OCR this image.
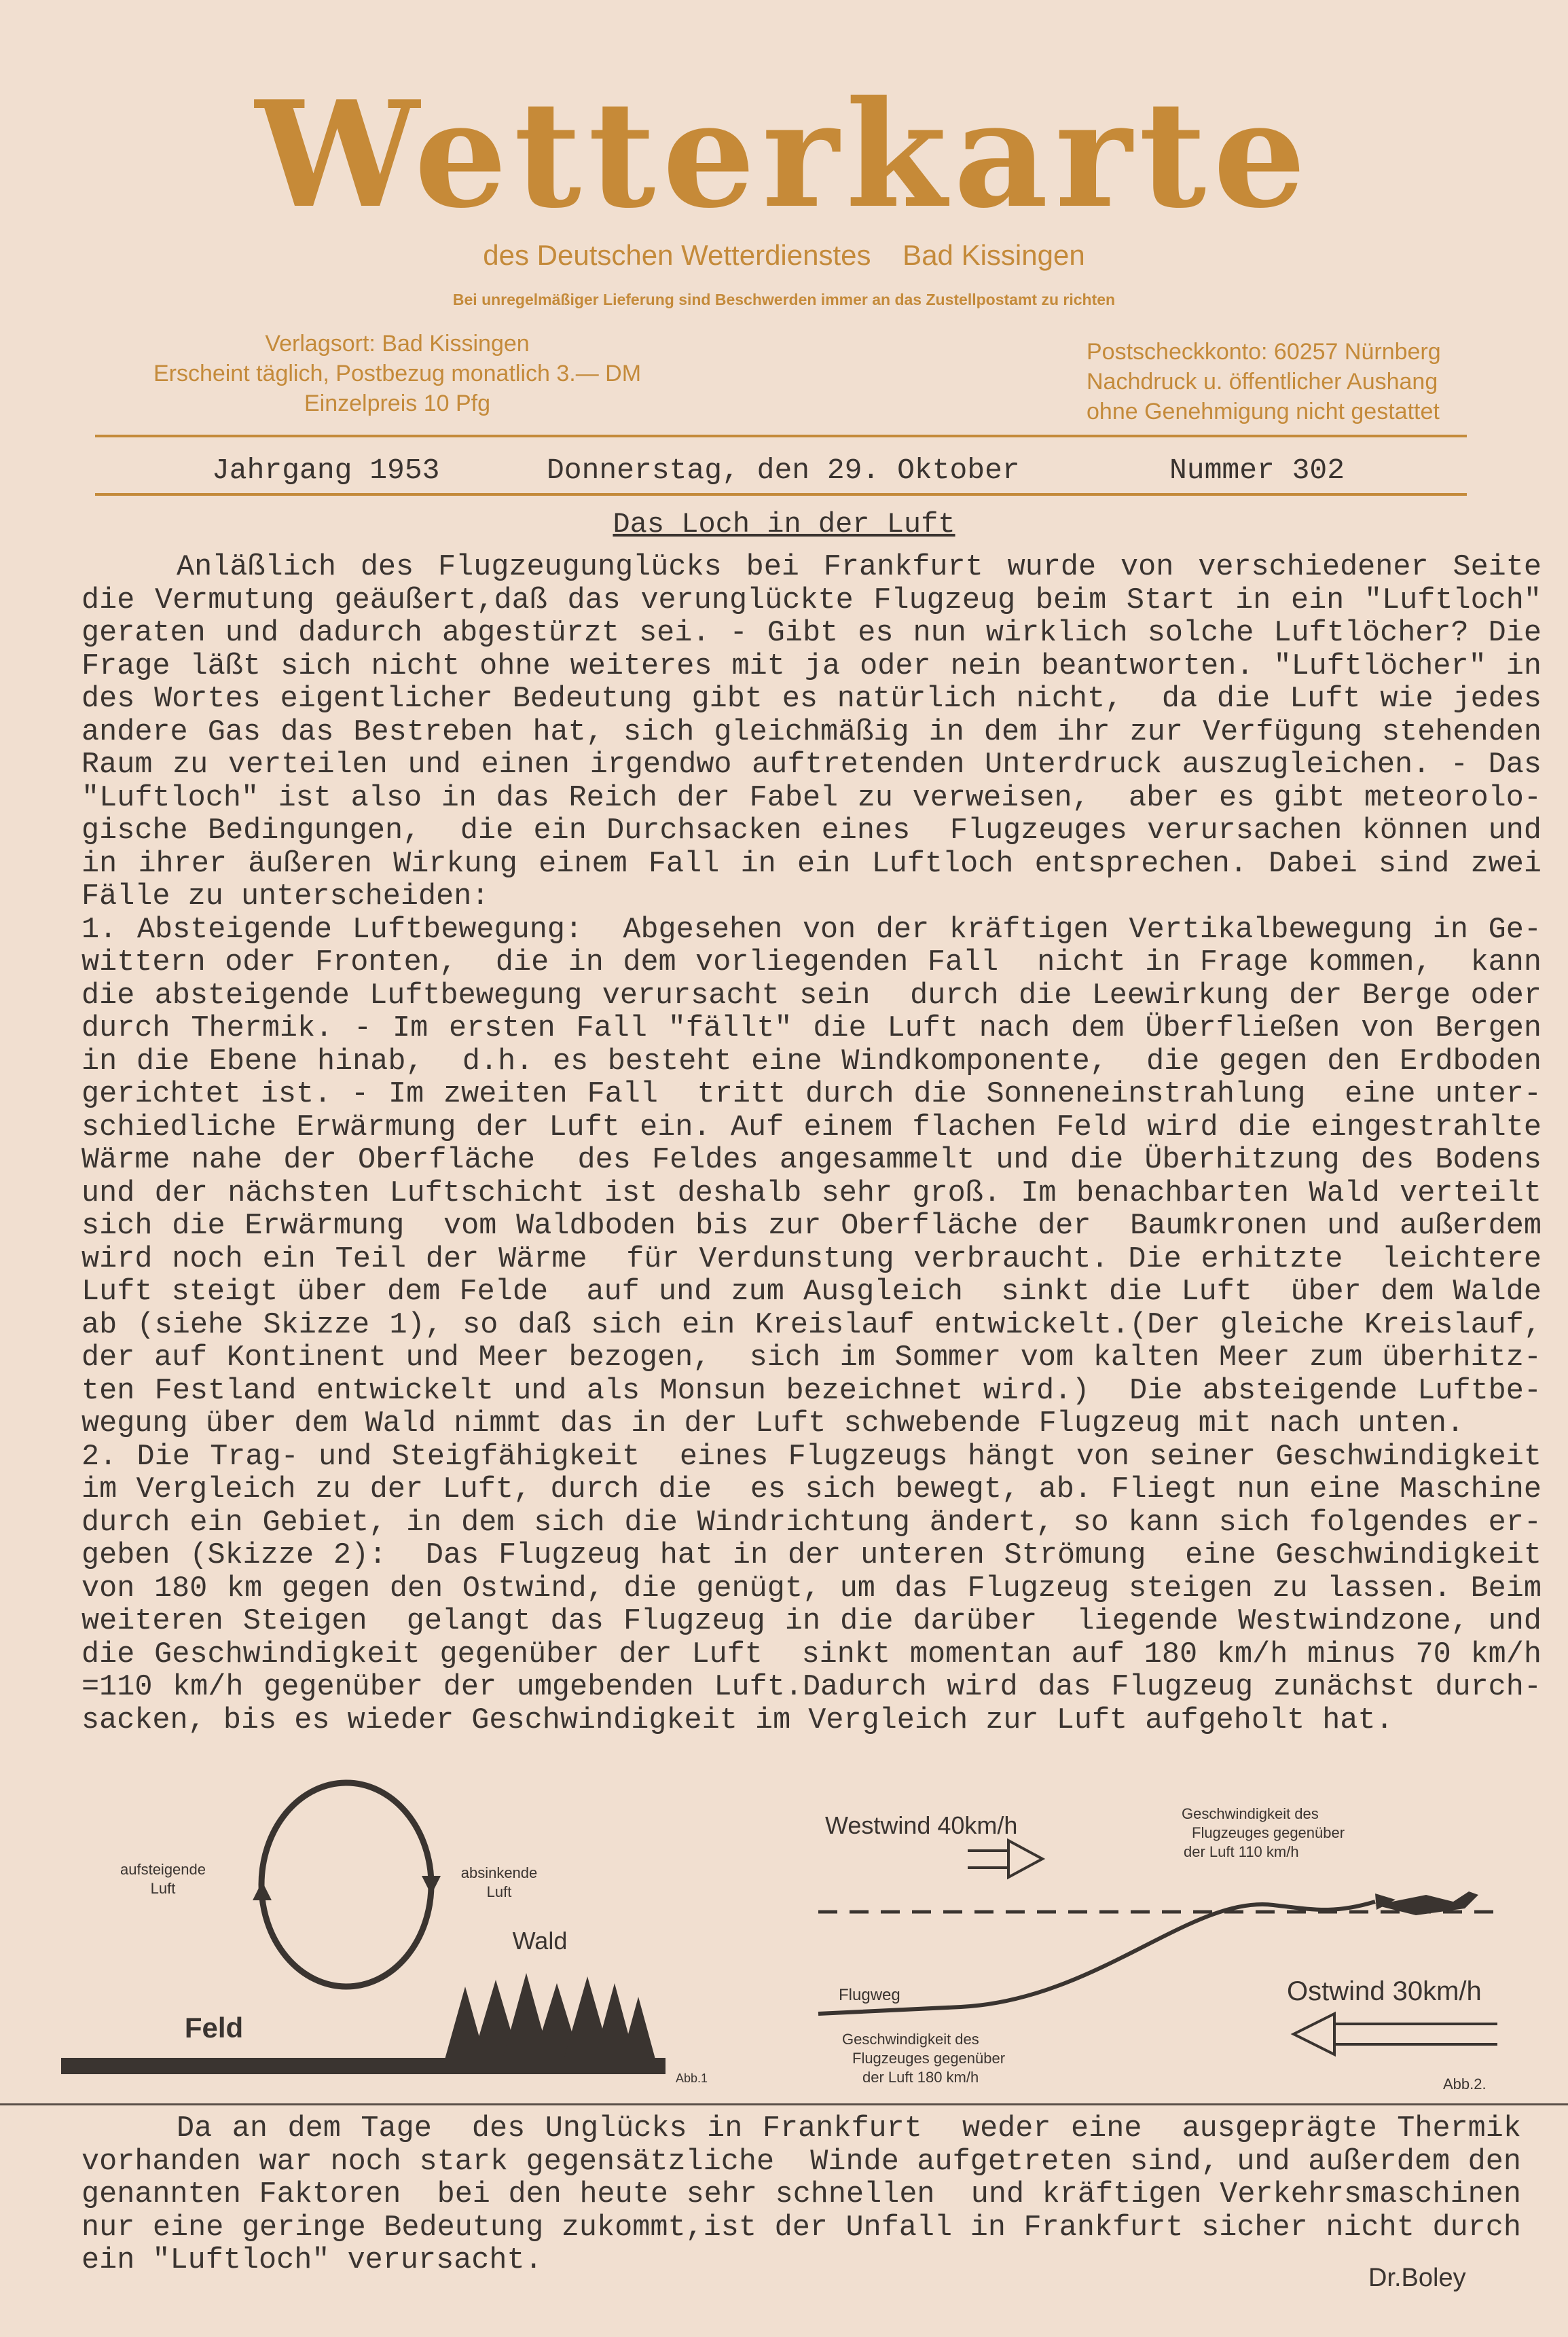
Wetterkarte
des Deutschen Wetterdienstes    Bad Kissingen
Bei unregelmäßiger Lieferung sind Beschwerden immer an das Zustellpostamt zu richten
Verlagsort: Bad Kissingen
Erscheint täglich, Postbezug monatlich 3.— DM
Einzelpreis 10 Pfg
Postscheckkonto: 60257 Nürnberg
Nachdruck u. öffentlicher Aushang
ohne Genehmigung nicht gestattet
Jahrgang 1953	Donnerstag, den 29. Oktober	Nummer 302
Das Loch in der Luft
Anläßlich des Flugzeugunglücks bei Frankfurt wurde von verschiedener Seite
die Vermutung geäußert,daß das verunglückte Flugzeug beim Start in ein "Luftloch"
geraten und dadurch abgestürzt sei. - Gibt es nun wirklich solche Luftlöcher? Die
Frage läßt sich nicht ohne weiteres mit ja oder nein beantworten. "Luftlöcher" in
des Wortes eigentlicher Bedeutung gibt es natürlich nicht,  da die Luft wie jedes
andere Gas das Bestreben hat, sich gleichmäßig in dem ihr zur Verfügung stehenden
Raum zu verteilen und einen irgendwo auftretenden Unterdruck auszugleichen. - Das
"Luftloch" ist also in das Reich der Fabel zu verweisen,  aber es gibt meteorolo-
gische Bedingungen,  die ein Durchsacken eines  Flugzeuges verursachen können und
in ihrer äußeren Wirkung einem Fall in ein Luftloch entsprechen. Dabei sind zwei
Fälle zu unterscheiden:
1. Absteigende Luftbewegung:  Abgesehen von der kräftigen Vertikalbewegung in Ge-
wittern oder Fronten,  die in dem vorliegenden Fall  nicht in Frage kommen,  kann
die absteigende Luftbewegung verursacht sein  durch die Leewirkung der Berge oder
durch Thermik. - Im ersten Fall "fällt" die Luft nach dem Überfließen von Bergen
in die Ebene hinab,  d.h. es besteht eine Windkomponente,  die gegen den Erdboden
gerichtet ist. - Im zweiten Fall  tritt durch die Sonneneinstrahlung  eine unter-
schiedliche Erwärmung der Luft ein. Auf einem flachen Feld wird die eingestrahlte
Wärme nahe der Oberfläche  des Feldes angesammelt und die Überhitzung des Bodens
und der nächsten Luftschicht ist deshalb sehr groß. Im benachbarten Wald verteilt
sich die Erwärmung  vom Waldboden bis zur Oberfläche der  Baumkronen und außerdem
wird noch ein Teil der Wärme  für Verdunstung verbraucht. Die erhitzte  leichtere
Luft steigt über dem Felde  auf und zum Ausgleich  sinkt die Luft  über dem Walde
ab (siehe Skizze 1), so daß sich ein Kreislauf entwickelt.(Der gleiche Kreislauf,
der auf Kontinent und Meer bezogen,  sich im Sommer vom kalten Meer zum überhitz-
ten Festland entwickelt und als Monsun bezeichnet wird.)  Die absteigende Luftbe-
wegung über dem Wald nimmt das in der Luft schwebende Flugzeug mit nach unten.
2. Die Trag- und Steigfähigkeit  eines Flugzeugs hängt von seiner Geschwindigkeit
im Vergleich zu der Luft, durch die  es sich bewegt, ab. Fliegt nun eine Maschine
durch ein Gebiet, in dem sich die Windrichtung ändert, so kann sich folgendes er-
geben (Skizze 2):  Das Flugzeug hat in der unteren Strömung  eine Geschwindigkeit
von 180 km gegen den Ostwind, die genügt, um das Flugzeug steigen zu lassen. Beim
weiteren Steigen  gelangt das Flugzeug in die darüber  liegende Westwindzone, und
die Geschwindigkeit gegenüber der Luft  sinkt momentan auf 180 km/h minus 70 km/h
=110 km/h gegenüber der umgebenden Luft.Dadurch wird das Flugzeug zunächst durch-
sacken, bis es wieder Geschwindigkeit im Vergleich zur Luft aufgeholt hat.
aufsteigende
Luft
absinkende
Luft
Wald
Feld
Abb.1
Westwind 40km/h	Geschwindigkeit des
Flugzeuges gegenüber
der Luft 110 km/h
Flugweg	Ostwind 30km/h
Geschwindigkeit des
Flugzeuges gegenüber
der Luft 180 km/h	Abb.2.
Da an dem Tage  des Unglücks in Frankfurt  weder eine  ausgeprägte Thermik
vorhanden war noch stark gegensätzliche  Winde aufgetreten sind, und außerdem den
genannten Faktoren  bei den heute sehr schnellen  und kräftigen Verkehrsmaschinen
nur eine geringe Bedeutung zukommt,ist der Unfall in Frankfurt sicher nicht durch
ein "Luftloch" verursacht.
Dr.Boley
